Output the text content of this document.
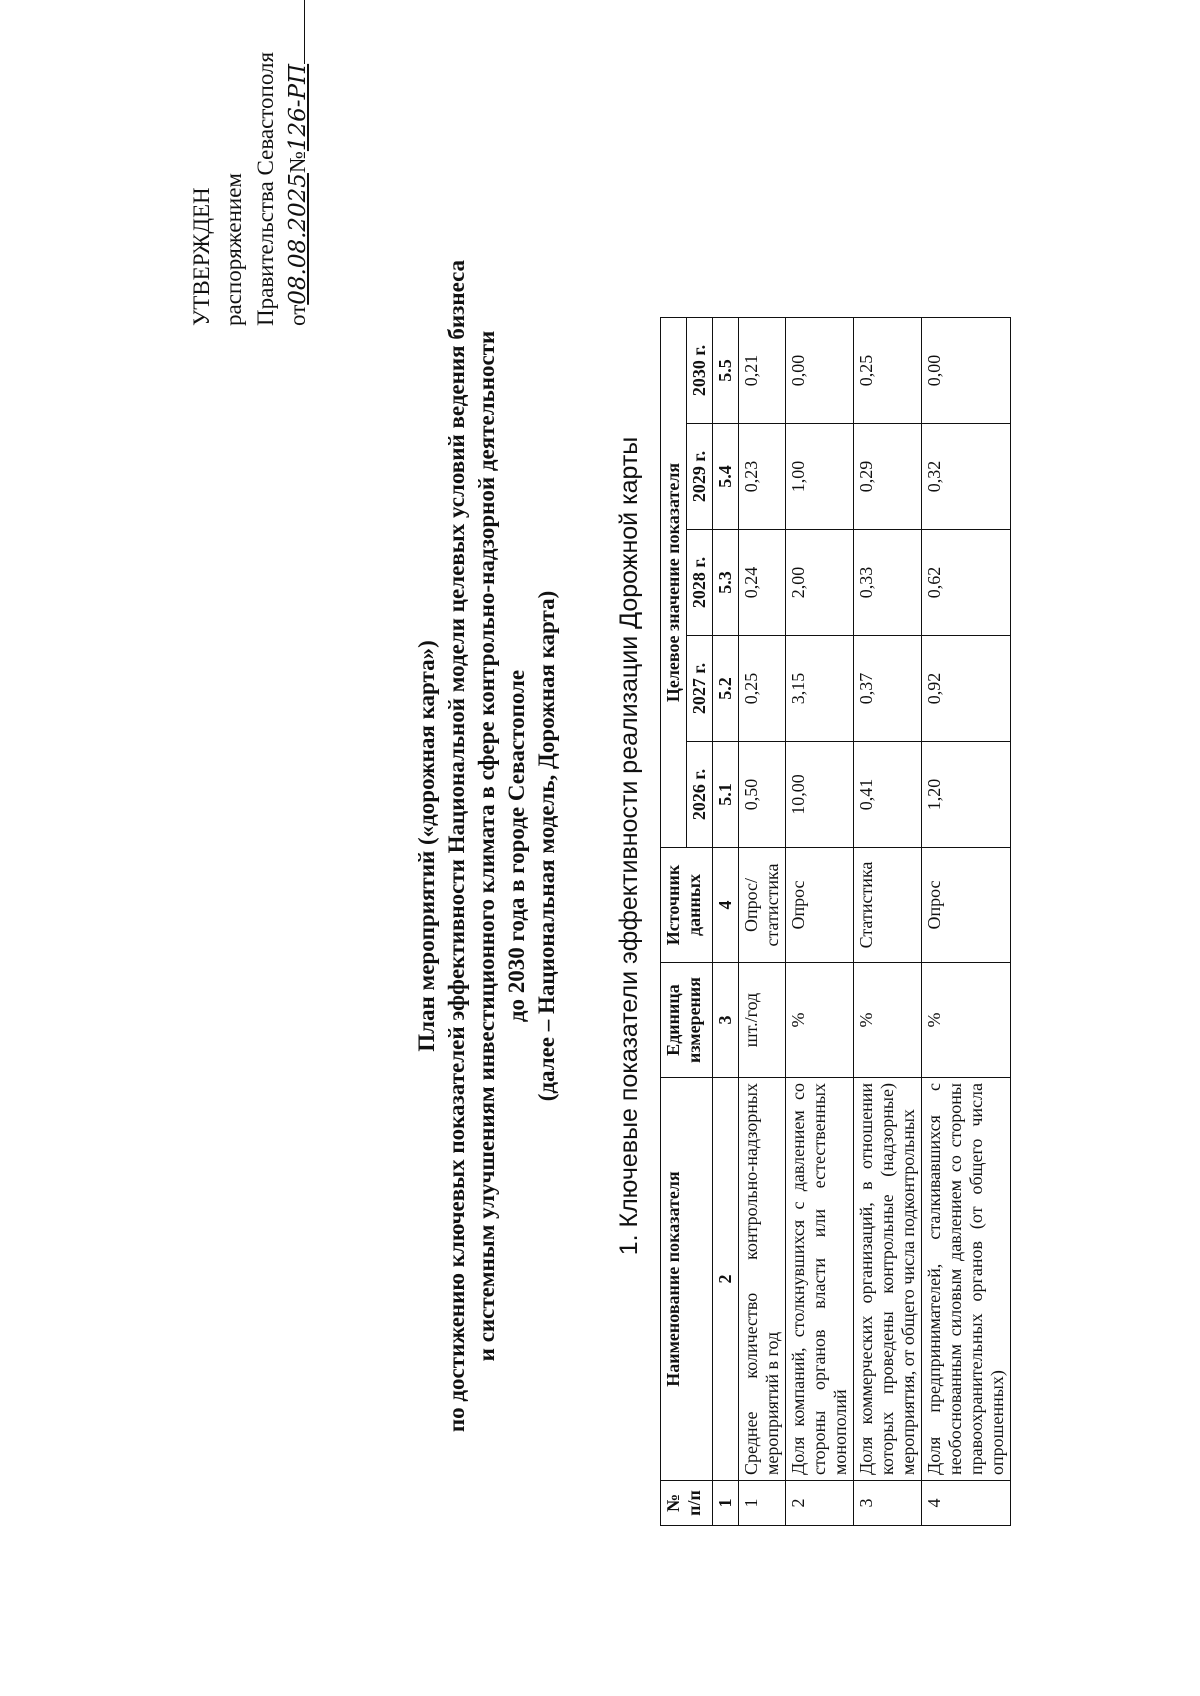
УТВЕРЖДЕН распоряжением Правительства Севастополя от08.08.2025№126-РП
План мероприятий («дорожная карта») по достижению ключевых показателей эффективности Национальной модели целевых условий ведения бизнеса и системным улучшениям инвестиционного климата в сфере контрольно-надзорной деятельности до 2030 года в городе Севастополе (далее – Национальная модель, Дорожная карта) 1. Ключевые показатели эффективности реализации Дорожной карты
№ п/п	Наименование показателя	Единица измерения	Источник данных	Целевое значение показателя				
				2026 г.	2027 г.	2028 г.	2029 г.	2030 г.
1	2	3	4	5.1	5.2	5.3	5.4	5.5
1	Среднее количество контрольно-надзорных мероприятий в год	шт./год	Опрос/ статистика	0,50	0,25	0,24	0,23	0,21
2	Доля компаний, столкнувшихся с давлением со стороны органов власти или естественных монополий	%	Опрос	10,00	3,15	2,00	1,00	0,00
3	Доля коммерческих организаций, в отношении которых проведены контрольные (надзорные) мероприятия, от общего числа подконтрольных	%	Статистика	0,41	0,37	0,33	0,29	0,25
4	Доля предпринимателей, сталкивавшихся с необоснованным силовым давлением со стороны правоохранительных органов (от общего числа опрошенных)	%	Опрос	1,20	0,92	0,62	0,32	0,00
